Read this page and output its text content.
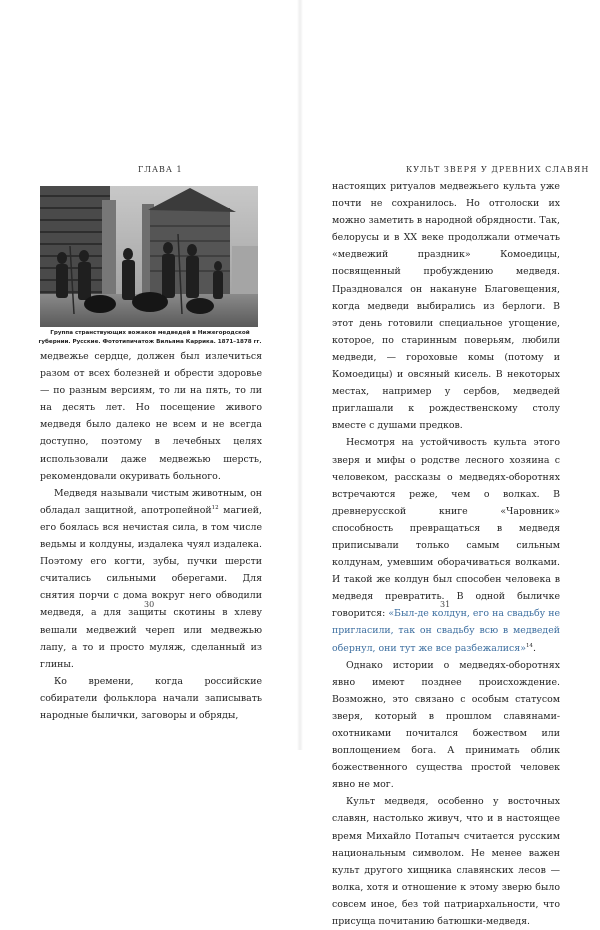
ГЛАВА 1
Группа странствующих вожаков медведей в Нижегородской губернии. Русские. Фототипичатож Вильяма Каррика. 1871–1878 гг.

медвежье сердце, должен был излечиться разом от всех болезней и обрести здоровье — по разным версиям, то ли на пять, то ли на десять лет. Но посещение живого медведя было далеко не всем и не всегда доступно, поэтому в лечебных целях использовали даже медвежью шерсть, рекомендовали окуривать больного.

Медведя называли чистым животным, он обладал защитной, апотропейной$^{12}$ магией, его боялась вся нечистая сила, в том числе ведьмы и колдуны, издалека чуял издалека. Поэтому его когти, зубы, пучки шерсти считались сильными оберегами. Для снятия порчи с дома вокруг него обводили медведя, а для защиты скотины в хлеву вешали медвежий череп или медвежью лапу, а то и просто муляж, сделанный из глины.

Ко времени, когда российские собиратели фольклора начали записывать народные былички, заговоры и обряды,

30
КУЛЬТ ЗВЕРЯ У ДРЕВНИХ СЛАВЯН

настоящих ритуалов медвежьего культа уже почти не сохранилось. Но отголоски их можно заметить в народной обрядности. Так, белорусы и в XX веке продолжали отмечать «медвежий праздник» Комоедицы, посвященный пробуждению медведя. Праздновался он накануне Благовещения, когда медведи выбирались из берлоги. В этот день готовили специальное угощение, которое, по старинным поверьям, любили медведи, — гороховые комы (потому и Комоедицы) и овсяный кисель. В некоторых местах, например у сербов, медведей приглашали к рождественскому столу вместе с душами предков.

Несмотря на устойчивость культа этого зверя и мифы о родстве лесного хозяина с человеком, рассказы о медведях-оборотнях встречаются реже, чем о волках. В древнерусской книге «Чаровник» способность превращаться в медведя приписывали только самым сильным колдунам, умевшим оборачиваться волками. И такой же колдун был способен человека в медведя превратить. В одной быличке говорится: «Был-де колдун, его на свадьбу не пригласили, так он свадьбу всю в медведей обернул, они тут же все разбежалися»$^{14}$.

Однако истории о медведях-оборотнях явно имеют позднее происхождение. Возможно, это связано с особым статусом зверя, который в прошлом славянами-охотниками почитался божеством или воплощением бога. А принимать облик божественного существа простой человек явно не мог.

Культ медведя, особенно у восточных славян, настолько живуч, что и в настоящее время Михайло Потапыч считается русским национальным символом. Не менее важен культ другого хищника славянских лесов — волка, хотя и отношение к этому зверю было совсем иное, без той патриархальности, что присуща почитанию батюшки-медведя.

31
